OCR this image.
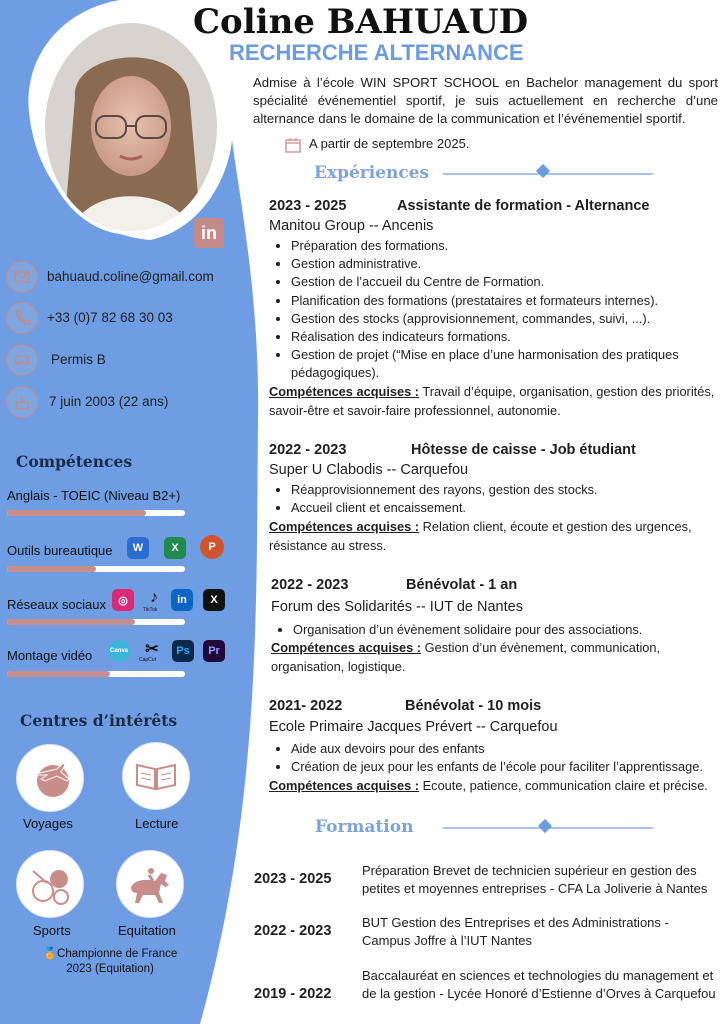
in
Coline BAHUAUD
RECHERCHE ALTERNANCE
Admise à l’école WIN SPORT SCHOOL en Bachelor management du sport spécialité événementiel sportif, je suis actuellement en recherche d’une alternance dans le domaine de la communication et l’événementiel sportif.
A partir de septembre 2025.
bahuaud.coline@gmail.com
+33 (0)7 82 68 30 03
Permis B
7 juin 2003 (22 ans)
Compétences
Anglais - TOEIC (Niveau B2+)
Outils bureautique	W	X	P
Réseaux sociaux	◎	♪
TikTok
in	X
Montage vidéo	Canva ✂
CapCut
Ps	Pr
Centres d’intérêts
Voyages	Lecture
Sports	Equitation
🏅Championne de France 2023 (Equitation)
Expériences
2023 - 2025	Assistante de formation - Alternance
Manitou Group -- Ancenis
• Préparation des formations.
• Gestion administrative.
• Gestion de l’accueil du Centre de Formation.
• Planification des formations (prestataires et formateurs internes).
• Gestion des stocks (approvisionnement, commandes, suivi, ...).
• Réalisation des indicateurs formations.
• Gestion de projet (“Mise en place d’une harmonisation des pratiques pédagogiques).
Compétences acquises : Travail d’équipe, organisation, gestion des priorités, savoir-être et savoir-faire professionnel, autonomie.
2022 - 2023	Hôtesse de caisse - Job étudiant
Super U Clabodis -- Carquefou
• Réapprovisionnement des rayons, gestion des stocks.
• Accueil client et encaissement.
Compétences acquises : Relation client, écoute et gestion des urgences, résistance au stress.
2022 - 2023	Bénévolat - 1 an
Forum des Solidarités -- IUT de Nantes
• Organisation d’un évènement solidaire pour des associations.
Compétences acquises : Gestion d’un évènement, communication, organisation, logistique.
2021- 2022	Bénévolat - 10 mois
Ecole Primaire Jacques Prévert -- Carquefou
• Aide aux devoirs pour des enfants
• Création de jeux pour les enfants de l’école pour faciliter l’apprentissage.
Compétences acquises : Ecoute, patience, communication claire et précise.
Formation
2023 - 2025
Préparation Brevet de technicien supérieur en gestion des petites et moyennes entreprises - CFA La Joliverie à Nantes
2022 - 2023
BUT Gestion des Entreprises et des Administrations - Campus Joffre à l’IUT Nantes
2019 - 2022
Baccalauréat en sciences et technologies du management et de la gestion - Lycée Honoré d’Estienne d’Orves à Carquefou
